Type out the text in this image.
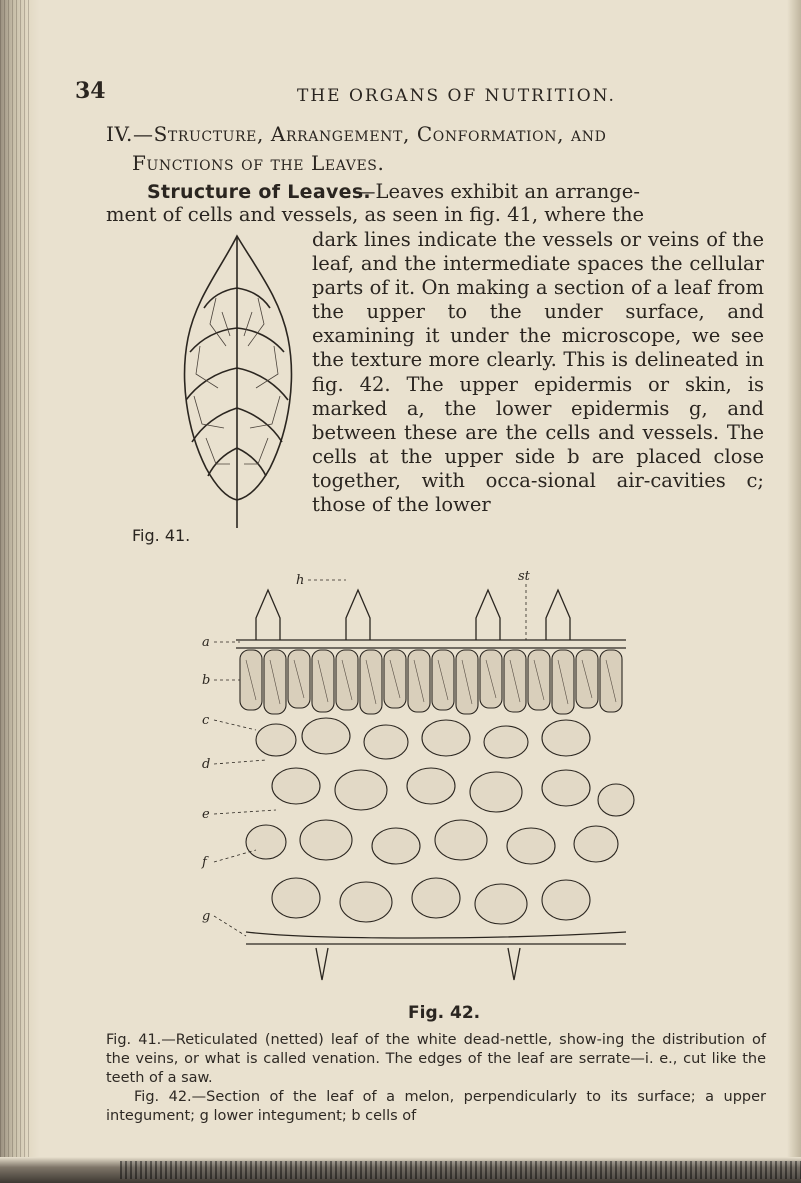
34	THE ORGANS OF NUTRITION.
IV.—Structure, Arrangement, Conformation, and
Functions of the Leaves.
Structure of Leaves.
—Leaves exhibit an arrange-
ment of cells and vessels, as seen in fig. 41, where the
Fig. 41.
dark lines indicate the vessels or veins of the leaf, and the intermediate spaces the cellular parts of it. On making a section of a leaf from the upper to the under surface, and examining it under the microscope, we see the texture more clearly. This is delineated in fig. 42. The upper epidermis or skin, is marked a, the lower epidermis g, and between these are the cells and vessels. The cells at the upper side b are placed close together, with occa-sional air-cavities c; those of the lower
a
b
c
d
e
f
g
h	st
Fig. 42.

Fig. 41.—Reticulated (netted) leaf of the white dead-nettle, show-ing the distribution of the veins, or what is called venation. The edges of the leaf are serrate—i. e., cut like the teeth of a saw.

Fig. 42.—Section of the leaf of a melon, perpendicularly to its surface; a upper integument; g lower integument; b cells of
